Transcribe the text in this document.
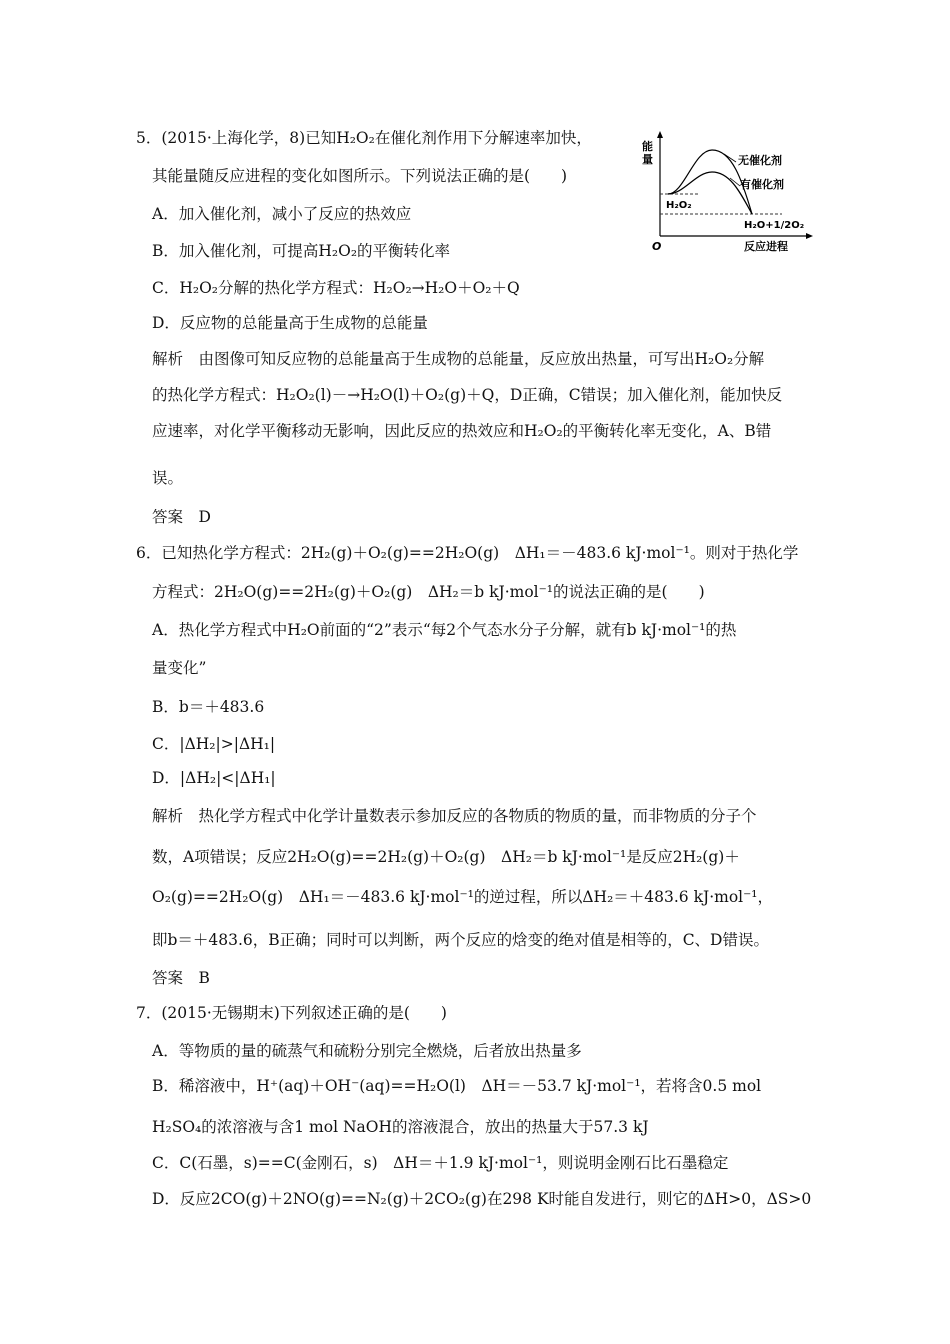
5．(2015·上海化学，8)已知H₂O₂在催化剂作用下分解速率加快，
其能量随反应进程的变化如图所示。下列说法正确的是(　　)
A．加入催化剂，减小了反应的热效应
B．加入催化剂，可提高H₂O₂的平衡转化率
C．H₂O₂分解的热化学方程式：H₂O₂→H₂O＋O₂＋Q
D．反应物的总能量高于生成物的总能量
解析　由图像可知反应物的总能量高于生成物的总能量，反应放出热量，可写出H₂O₂分解
的热化学方程式：H₂O₂(l)－→H₂O(l)＋O₂(g)＋Q，D正确，C错误；加入催化剂，能加快反
应速率，对化学平衡移动无影响，因此反应的热效应和H₂O₂的平衡转化率无变化，A、B错
误。
答案　D
6．已知热化学方程式：2H₂(g)＋O₂(g)==2H₂O(g)　ΔH₁＝－483.6 kJ·mol⁻¹。则对于热化学
方程式：2H₂O(g)==2H₂(g)＋O₂(g)　ΔH₂＝b kJ·mol⁻¹的说法正确的是(　　)
A．热化学方程式中H₂O前面的“2”表示“每2个气态水分子分解，就有b kJ·mol⁻¹的热
量变化”
B．b＝＋483.6
C．|ΔH₂|>|ΔH₁|
D．|ΔH₂|<|ΔH₁|
解析　热化学方程式中化学计量数表示参加反应的各物质的物质的量，而非物质的分子个
数，A项错误；反应2H₂O(g)==2H₂(g)＋O₂(g)　ΔH₂＝b kJ·mol⁻¹是反应2H₂(g)＋
O₂(g)==2H₂O(g)　ΔH₁＝－483.6 kJ·mol⁻¹的逆过程，所以ΔH₂＝＋483.6 kJ·mol⁻¹，
即b＝＋483.6，B正确；同时可以判断，两个反应的焓变的绝对值是相等的，C、D错误。
答案　B
7．(2015·无锡期末)下列叙述正确的是(　　)
A．等物质的量的硫蒸气和硫粉分别完全燃烧，后者放出热量多
B．稀溶液中，H⁺(aq)＋OH⁻(aq)==H₂O(l)　ΔH＝－53.7 kJ·mol⁻¹，若将含0.5 mol
H₂SO₄的浓溶液与含1 mol NaOH的溶液混合，放出的热量大于57.3 kJ
C．C(石墨，s)==C(金刚石，s)　ΔH＝＋1.9 kJ·mol⁻¹，则说明金刚石比石墨稳定
D．反应2CO(g)＋2NO(g)==N₂(g)＋2CO₂(g)在298 K时能自发进行，则它的ΔH>0，ΔS>0
能
量	无催化剂
有催化剂
H₂O₂
H₂O+1/2O₂
O	反应进程
